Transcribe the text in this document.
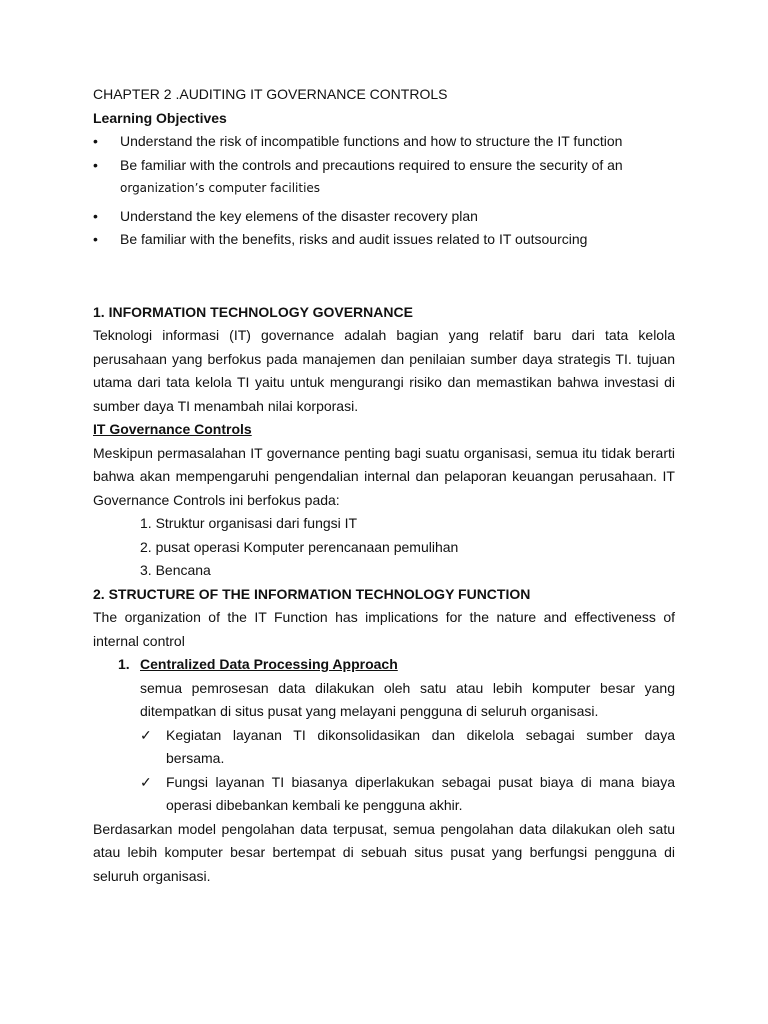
CHAPTER 2 .AUDITING IT GOVERNANCE CONTROLS

Learning Objectives

• Understand the risk of incompatible functions and how to structure the IT function
• Be familiar with the controls and precautions required to ensure the security of an

organization’s computer facilities

• Understand the key elemens of the disaster recovery plan
• Be familiar with the benefits, risks and audit issues related to IT outsourcing

1. INFORMATION TECHNOLOGY GOVERNANCE

Teknologi informasi (IT) governance adalah bagian yang relatif baru dari tata kelola perusahaan yang berfokus pada manajemen dan penilaian sumber daya strategis TI. tujuan utama dari tata kelola TI yaitu untuk mengurangi risiko dan memastikan bahwa investasi di sumber daya TI menambah nilai korporasi.

IT Governance Controls

Meskipun permasalahan IT governance penting bagi suatu organisasi, semua itu tidak berarti bahwa akan mempengaruhi pengendalian internal dan pelaporan keuangan perusahaan. IT Governance Controls ini berfokus pada:

1. Struktur organisasi dari fungsi IT
2. pusat operasi Komputer perencanaan pemulihan
3. Bencana

2. STRUCTURE OF THE INFORMATION TECHNOLOGY FUNCTION

The organization of the IT Function has implications for the nature and effectiveness of internal control

1. Centralized Data Processing Approach

semua pemrosesan data dilakukan oleh satu atau lebih komputer besar yang ditempatkan di situs pusat yang melayani pengguna di seluruh organisasi.

✓ Kegiatan layanan TI dikonsolidasikan dan dikelola sebagai sumber daya bersama.
✓ Fungsi layanan TI biasanya diperlakukan sebagai pusat biaya di mana biaya operasi dibebankan kembali ke pengguna akhir.

Berdasarkan model pengolahan data terpusat, semua pengolahan data dilakukan oleh satu atau lebih komputer besar bertempat di sebuah situs pusat yang berfungsi pengguna di seluruh organisasi.
